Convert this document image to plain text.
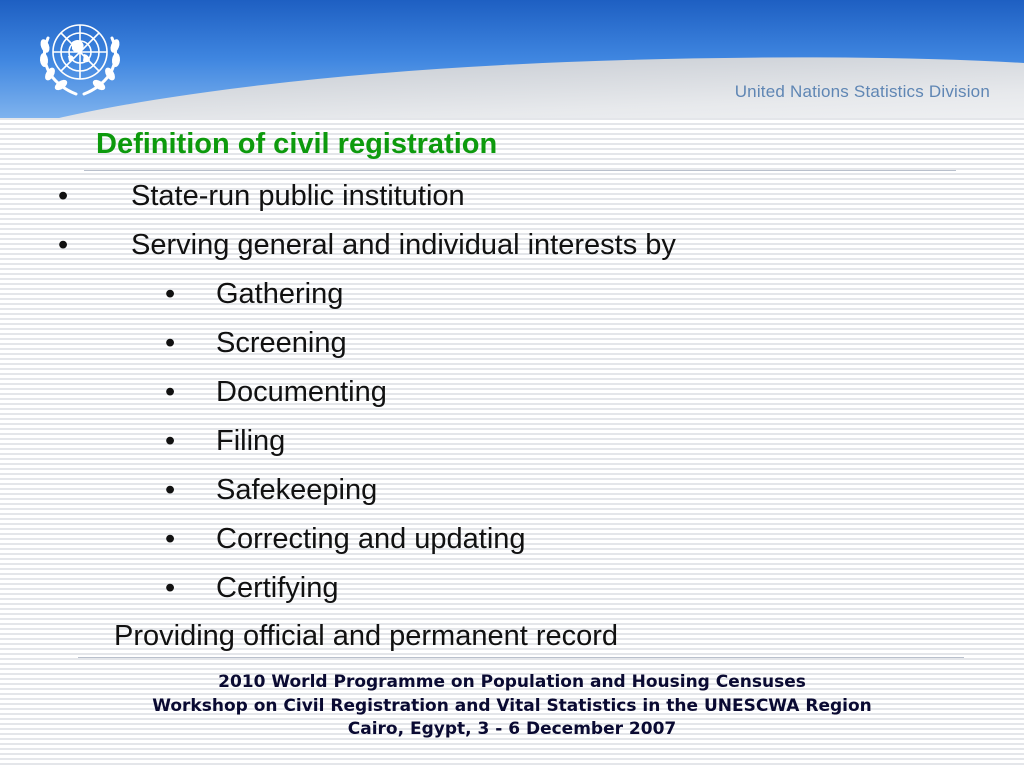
United Nations Statistics Division
Definition of civil registration
• State-run public institution
• Serving general and individual interests by
• Gathering
• Screening
• Documenting
• Filing
• Safekeeping
• Correcting and updating
• Certifying
Providing official and permanent record
2010 World Programme on Population and Housing Censuses
Workshop on Civil Registration and Vital Statistics in the UNESCWA Region
Cairo, Egypt, 3 - 6 December 2007
